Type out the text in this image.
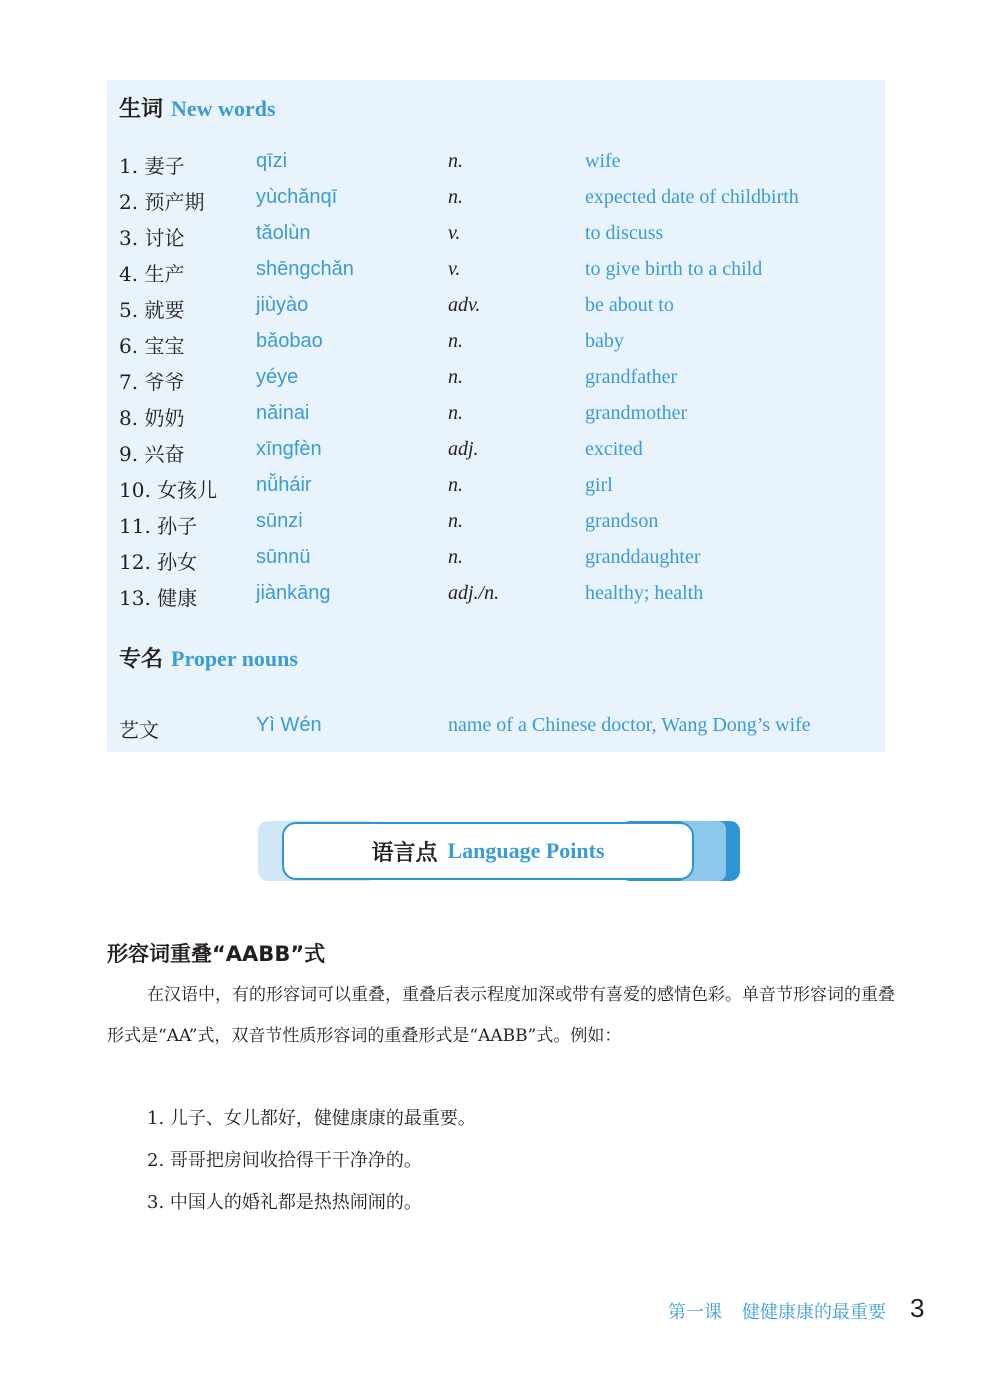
生词 New words
1. 妻子	qīzi	n.	wife
2. 预产期	yùchǎnqī	n.	expected date of childbirth
3. 讨论	tǎolùn	v.	to discuss
4. 生产	shēngchǎn	v.	to give birth to a child
5. 就要	jiùyào	adv.	be about to
6. 宝宝	bǎobao	n.	baby
7. 爷爷	yéye	n.	grandfather
8. 奶奶	nǎinai	n.	grandmother
9. 兴奋	xīngfèn	adj.	excited
10. 女孩儿 nǚháir	n.	girl
11. 孙子	sūnzi	n.	grandson
12. 孙女	sūnnü	n.	granddaughter
13. 健康	jiànkāng	adj./n.	healthy; health
专名 Proper nouns
艺文	Yì Wén	name of a Chinese doctor, Wang Dong’s wife
语言点 Language Points
形容词重叠“AABB”式
在汉语中，有的形容词可以重叠，重叠后表示程度加深或带有喜爱的感情色彩。单音节形容词的重叠形式是“AA”式，双音节性质形容词的重叠形式是“AABB”式。例如：
1. 儿子、女儿都好，健健康康的最重要。
2. 哥哥把房间收拾得干干净净的。
3. 中国人的婚礼都是热热闹闹的。
第一课 健健康康的最重要 3
